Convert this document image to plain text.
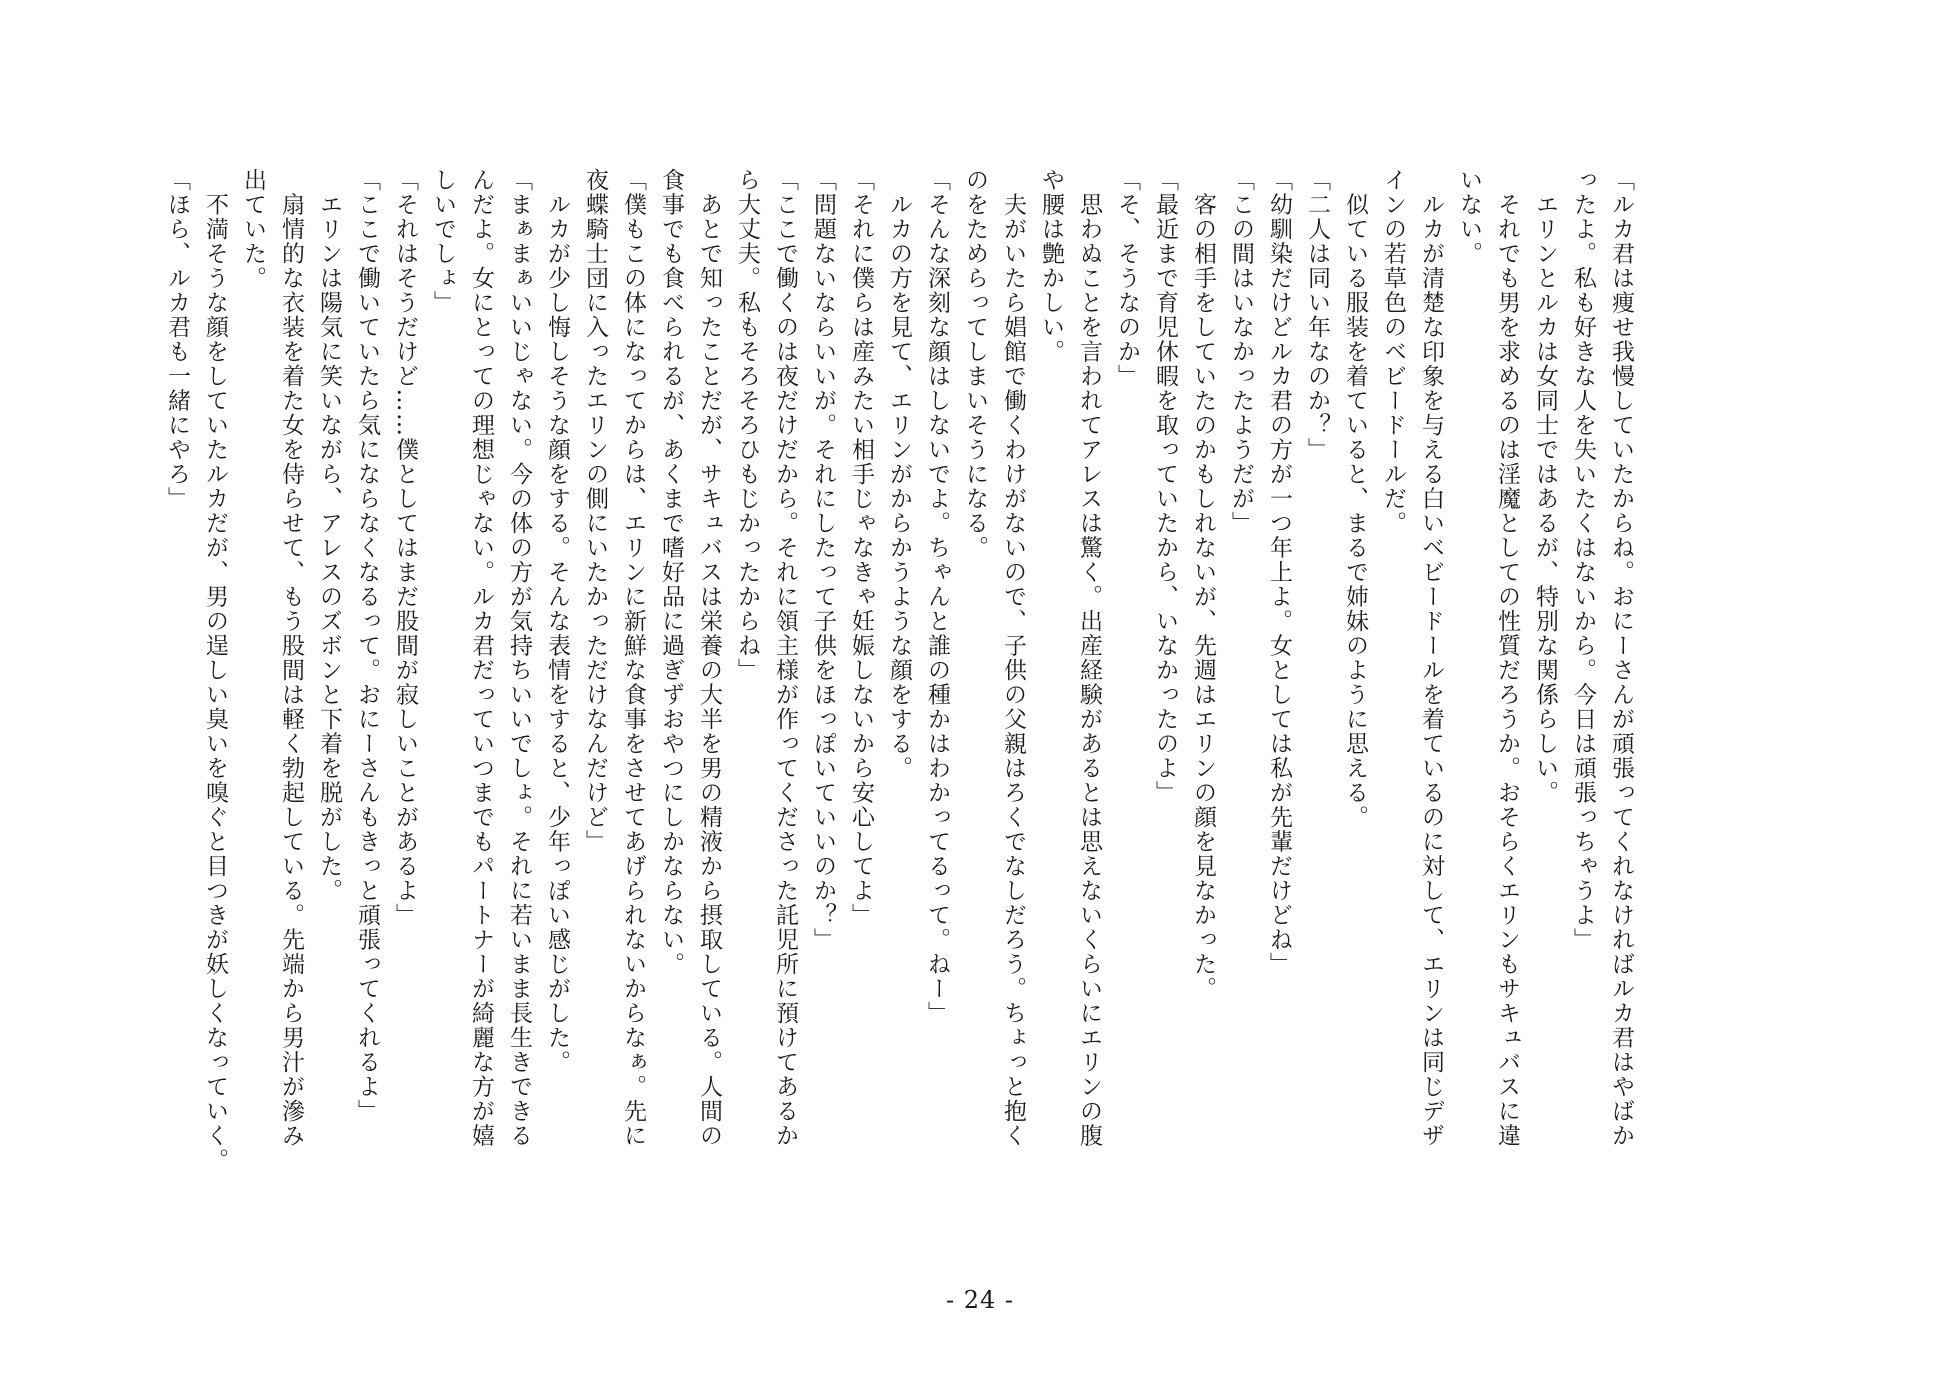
「ルカ君は痩せ我慢していたからね。おにーさんが頑張ってくれなければルカ君はやばか
ったよ。私も好きな人を失いたくはないから。今日は頑張っちゃうよ」
　エリンとルカは女同士ではあるが、特別な関係らしい。
　それでも男を求めるのは淫魔としての性質だろうか。おそらくエリンもサキュバスに違
いない。
　ルカが清楚な印象を与える白いベビードールを着ているのに対して、エリンは同じデザ
インの若草色のベビードールだ。
　似ている服装を着ていると、まるで姉妹のように思える。
「二人は同い年なのか？」
「幼馴染だけどルカ君の方が一つ年上よ。女としては私が先輩だけどね」
「この間はいなかったようだが」
　客の相手をしていたのかもしれないが、先週はエリンの顔を見なかった。
「最近まで育児休暇を取っていたから、いなかったのよ」
「そ、そうなのか」
　思わぬことを言われてアレスは驚く。出産経験があるとは思えないくらいにエリンの腹
や腰は艶かしい。
　夫がいたら娼館で働くわけがないので、子供の父親はろくでなしだろう。ちょっと抱く
のをためらってしまいそうになる。
「そんな深刻な顔はしないでよ。ちゃんと誰の種かはわかってるって。ねー」
　ルカの方を見て、エリンがからかうような顔をする。
「それに僕らは産みたい相手じゃなきゃ妊娠しないから安心してよ」
「問題ないならいいが。それにしたって子供をほっぽいていいのか？」
「ここで働くのは夜だけだから。それに領主様が作ってくださった託児所に預けてあるか
ら大丈夫。私もそろそろひもじかったからね」
　あとで知ったことだが、サキュバスは栄養の大半を男の精液から摂取している。人間の
食事でも食べられるが、あくまで嗜好品に過ぎずおやつにしかならない。
「僕もこの体になってからは、エリンに新鮮な食事をさせてあげられないからなぁ。先に
夜蝶騎士団に入ったエリンの側にいたかっただけなんだけど」
　ルカが少し悔しそうな顔をする。そんな表情をすると、少年っぽい感じがした。
「まぁまぁいいじゃない。今の体の方が気持ちいいでしょ。それに若いまま長生きできる
んだよ。女にとっての理想じゃない。ルカ君だっていつまでもパートナーが綺麗な方が嬉
しいでしょ」
「それはそうだけど……僕としてはまだ股間が寂しいことがあるよ」
「ここで働いていたら気にならなくなるって。おにーさんもきっと頑張ってくれるよ」
　エリンは陽気に笑いながら、アレスのズボンと下着を脱がした。
　扇情的な衣装を着た女を侍らせて、もう股間は軽く勃起している。先端から男汁が滲み
出ていた。
　不満そうな顔をしていたルカだが、男の逞しい臭いを嗅ぐと目つきが妖しくなっていく。
「ほら、ルカ君も一緒にやろ」
- 24 -
